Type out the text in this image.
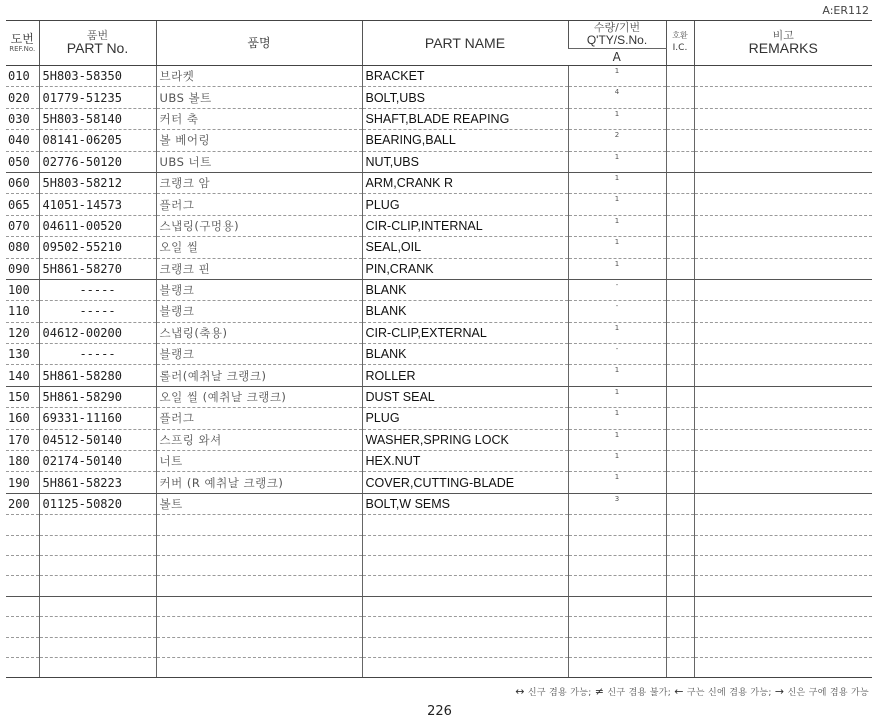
A:ER112
도번
REF.No.	품번
PART No.	품명	PART NAME	수량/기번
Q'TY/S.No.	호환
I.C.	비고
REMARKS
				A		
010	5H803-58350	브라켓	BRACKET	1		
020	01779-51235	UBS 볼트	BOLT,UBS	4		
030	5H803-58140	커터 축	SHAFT,BLADE REAPING	1		
040	08141-06205	볼 베어링	BEARING,BALL	2		
050	02776-50120	UBS 너트	NUT,UBS	1		
060	5H803-58212	크랭크 암	ARM,CRANK R	1		
065	41051-14573	플러그	PLUG	1		
070	04611-00520	스냅링(구멍용)	CIR-CLIP,INTERNAL	1		
080	09502-55210	오일 씰	SEAL,OIL	1		
090	5H861-58270	크랭크 핀	PIN,CRANK	1		
100	-----	블랭크	BLANK	-		
110	-----	블랭크	BLANK	-		
120	04612-00200	스냅링(축용)	CIR-CLIP,EXTERNAL	1		
130	-----	블랭크	BLANK	-		
140	5H861-58280	롤러(예취날 크랭크)	ROLLER	1		
150	5H861-58290	오일 씰 (예취날 크랭크)	DUST SEAL	1		
160	69331-11160	플러그	PLUG	1		
170	04512-50140	스프링 와셔	WASHER,SPRING LOCK	1		
180	02174-50140	너트	HEX.NUT	1		
190	5H861-58223	커버 (R 예취날 크랭크)	COVER,CUTTING-BLADE	1		
200	01125-50820	볼트	BOLT,W SEMS	3		

↔ 신구 겸용 가능; ≠ 신구 겸용 불가; ← 구는 신에 겸용 가능; → 신은 구에 겸용 가능
226
